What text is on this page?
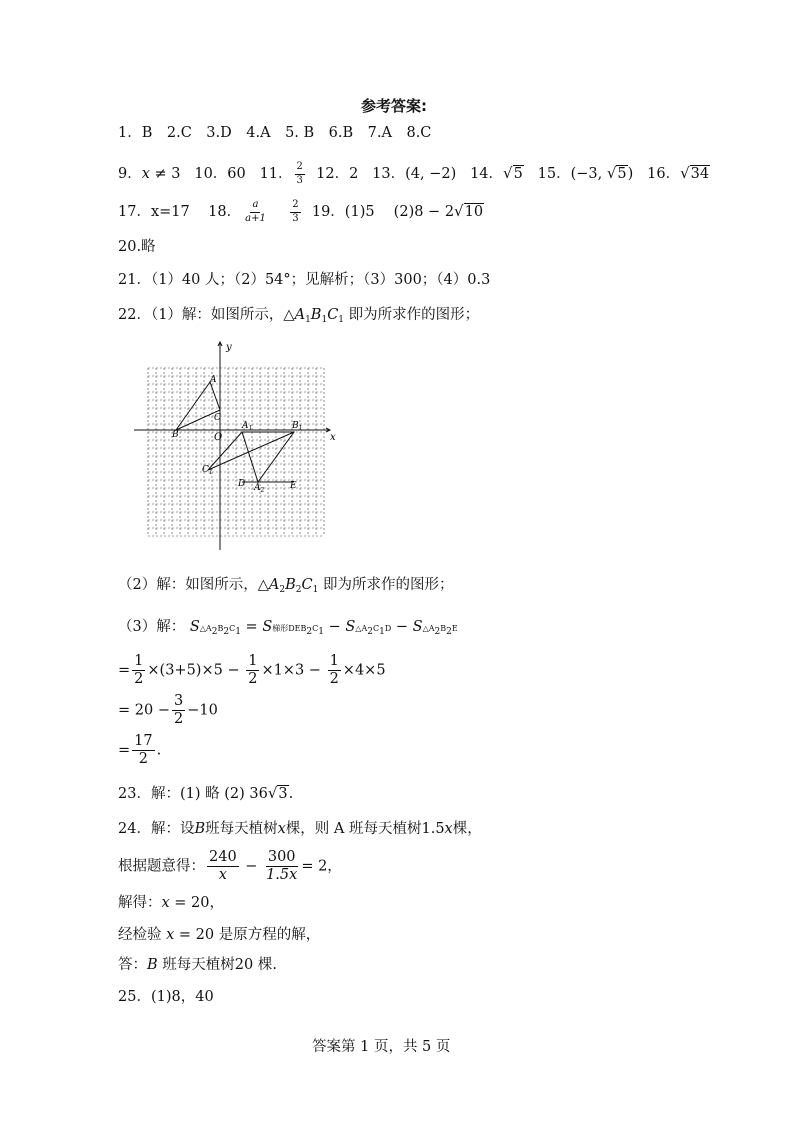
参考答案:
1．B　2.C　3.D　4.A　5. B　6.B　7.A　8.C
9．x ≠ 3 10．60 11． $\frac{2}{3} 12$．2 13．(4, −2) 14．√5 15．(−3, √5) 16．√34
17．x=17 18． $\frac{a}{a+1}$
$\frac{2}{3} 19$．(1)5　 (2)8 − 2√10
20.略
21．（1）40 人；（2）54°；见解析；（3）300；（4）0.3
22．（1）解：如图所示，$\triangle A_1B_1C_1$ 即为所求作的图形；
x
y
O
A
B
C
$A_1$	$B_1$
$C_1$
D $A_2$	E
（2）解：如图所示，$\triangle A_2B_2C_1$ 即为所求作的图形；
（3）解： $S\triangle A_2B_2C_1 = S$梯形$DEB_2C_1$ − $S\triangle A_2C_1D$ − $S\triangle A_2B_2E$
= $\frac{1}{2} \times(3+5)\times 5 - \frac{1}{2} \times 1\times 3 - \frac{1}{2} \times 4\times 5$
= $20 - \frac{3}{2} -10$
= $\frac{17}{2}$ .
23．解：(1) 略 (2) 36√3.
24．解：设B班每天植树x棵，则 A 班每天植树1.5x棵，
根据题意得： $\frac{240}{x} - \frac{300}{1.5x} = 2$，
解得：x = 20，
经检验 x = 20 是原方程的解，
答：B 班每天植树20 棵.
25．(1)8，40
答案第 1 页，共 5 页
